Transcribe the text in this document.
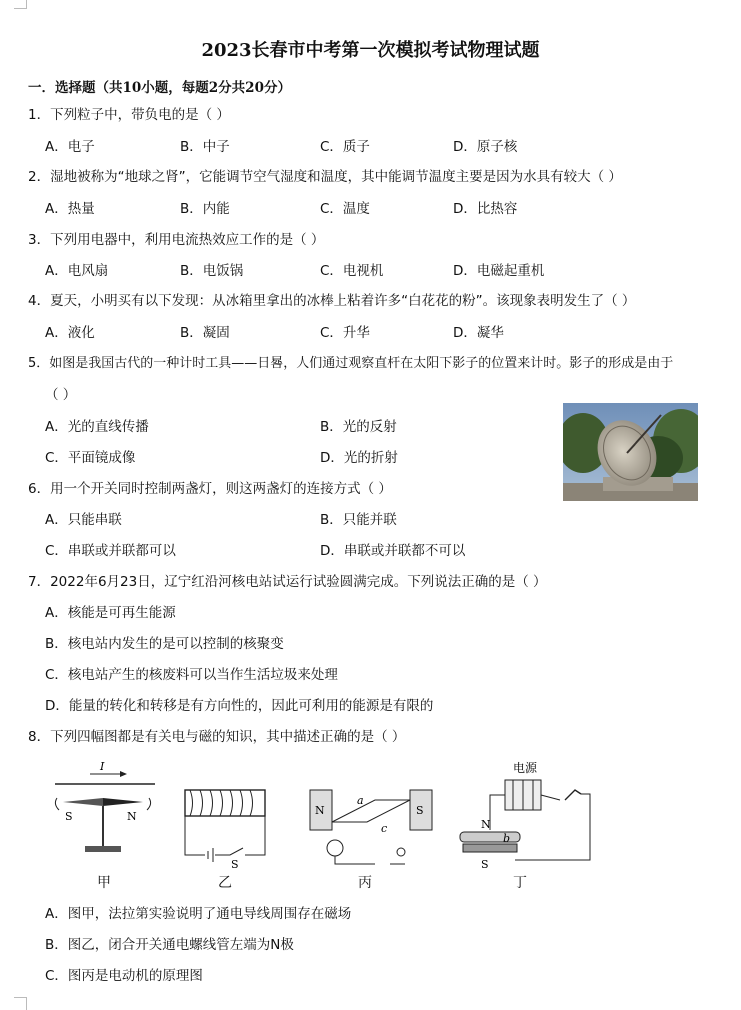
2023长春市中考第一次模拟考试物理试题
一．选择题（共10小题，每题2分共20分）
1．下列粒子中，带负电的是（ ）
A．电子	B．中子	C．质子	D．原子核
2．湿地被称为“地球之肾”，它能调节空气湿度和温度，其中能调节温度主要是因为水具有较大（ ）
A．热量	B．内能	C．温度	D．比热容
3．下列用电器中，利用电流热效应工作的是（ ）
A．电风扇	B．电饭锅	C．电视机	D．电磁起重机
4．夏天，小明买有以下发现：从冰箱里拿出的冰棒上粘着许多“白花花的粉”。该现象表明发生了（ ）
A．液化	B．凝固	C．升华	D．凝华
5．如图是我国古代的一种计时工具——日晷，人们通过观察直杆在太阳下影子的位置来计时。影子的形成是由于
（ ）
A．光的直线传播	B．光的反射
C．平面镜成像	D．光的折射
6．用一个开关同时控制两盏灯，则这两盏灯的连接方式（ ）
A．只能串联	B．只能并联
C．串联或并联都可以	D．串联或并联都不可以
7．2022年6月23日，辽宁红沿河核电站试运行试验圆满完成。下列说法正确的是（ ）
A．核能是可再生能源
B．核电站内发生的是可以控制的核聚变
C．核电站产生的核废料可以当作生活垃圾来处理
D．能量的转化和转移是有方向性的，因此可利用的能源是有限的
8．下列四幅图都是有关电与磁的知识，其中描述正确的是（ ）
I
S	N
S
N	S
a
c
电源
N
b
S
甲	乙	丙	丁
A．图甲，法拉第实验说明了通电导线周围存在磁场
B．图乙，闭合开关通电螺线管左端为N极
C．图丙是电动机的原理图
